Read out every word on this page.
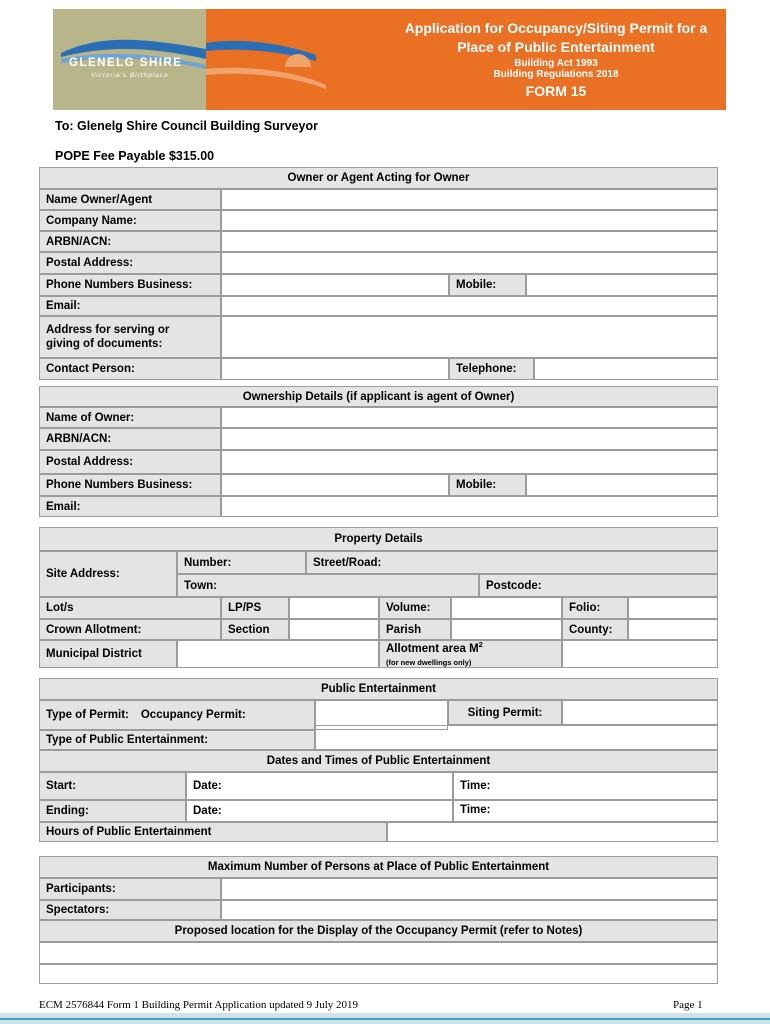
GLENELG SHIRE
Victoria's Birthplace
Application for Occupancy/Siting Permit for a
Place of Public Entertainment
Building Act 1993
Building Regulations 2018
FORM 15
To: Glenelg Shire Council Building Surveyor
POPE Fee Payable $315.00
Owner or Agent Acting for Owner
Name Owner/Agent
Company Name:
ARBN/ACN:
Postal Address:
Phone Numbers Business:	Mobile:
Email:
Address for serving or
giving of documents:
Contact Person:	Telephone:
Ownership Details (if applicant is agent of Owner)
Name of Owner:
ARBN/ACN:
Postal Address:
Phone Numbers Business:	Mobile:
Email:
Property Details
Site Address:
Number:	Street/Road:
Town:	Postcode:
Lot/s	LP/PS	Volume:	Folio:
Crown Allotment:	Section	Parish	County:
Municipal District	Allotment area $M^2$
(for new dwellings only)
Public Entertainment
Type of Permit: Occupancy Permit:	Siting Permit:
Type of Public Entertainment:
Dates and Times of Public Entertainment
Start:	Date:	Time:
Ending:	Date:	Time:
Hours of Public Entertainment
Maximum Number of Persons at Place of Public Entertainment
Participants:
Spectators:
Proposed location for the Display of the Occupancy Permit (refer to Notes)
ECM 2576844 Form 1 Building Permit Application updated 9 July 2019	Page 1
